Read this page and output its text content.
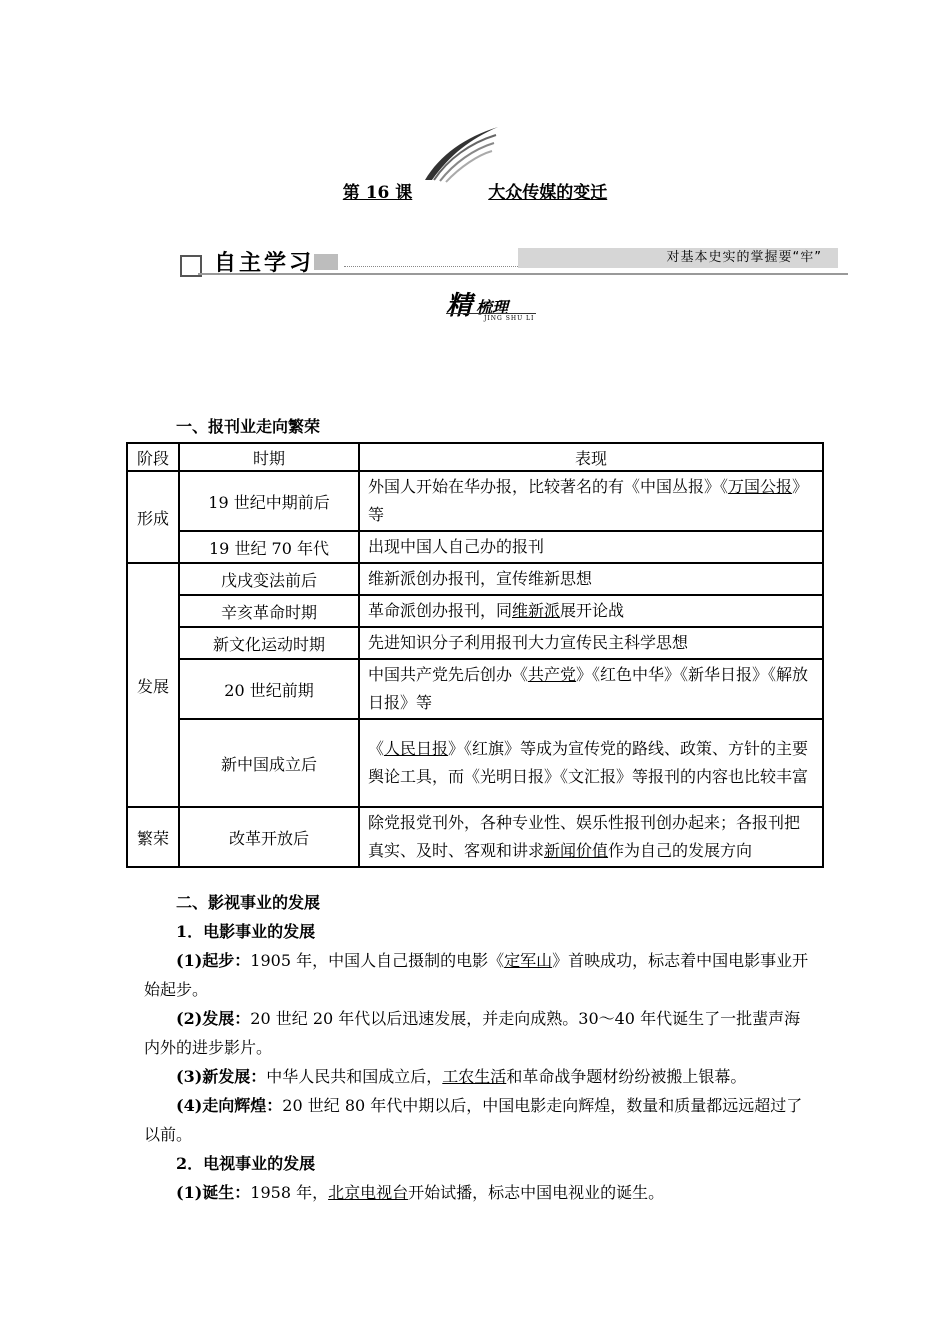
第 16 课	大众传媒的变迁
自主学习	对基本史实的掌握要“牢”
精 梳理
JING SHU LI
一、报刊业走向繁荣
阶段	时期	表现
形成	19 世纪中期前后	外国人开始在华办报，比较著名的有《中国丛报》《万国公报》等
	19 世纪 70 年代	出现中国人自己办的报刊
发展	戊戌变法前后	维新派创办报刊，宣传维新思想
	辛亥革命时期	革命派创办报刊，同维新派展开论战
	新文化运动时期	先进知识分子利用报刊大力宣传民主科学思想
	20 世纪前期	中国共产党先后创办《共产党》《红色中华》《新华日报》《解放日报》等
	新中国成立后	《人民日报》《红旗》等成为宣传党的路线、政策、方针的主要舆论工具，而《光明日报》《文汇报》等报刊的内容也比较丰富
繁荣	改革开放后	除党报党刊外，各种专业性、娱乐性报刊创办起来；各报刊把真实、及时、客观和讲求新闻价值作为自己的发展方向

二、影视事业的发展

1．电影事业的发展

(1)起步：1905 年，中国人自己摄制的电影《定军山》首映成功，标志着中国电影事业开始起步。

(2)发展：20 世纪 20 年代以后迅速发展，并走向成熟。30～40 年代诞生了一批蜚声海内外的进步影片。

(3)新发展：中华人民共和国成立后，工农生活和革命战争题材纷纷被搬上银幕。

(4)走向辉煌：20 世纪 80 年代中期以后，中国电影走向辉煌，数量和质量都远远超过了以前。

2．电视事业的发展

(1)诞生：1958 年，北京电视台开始试播，标志中国电视业的诞生。
